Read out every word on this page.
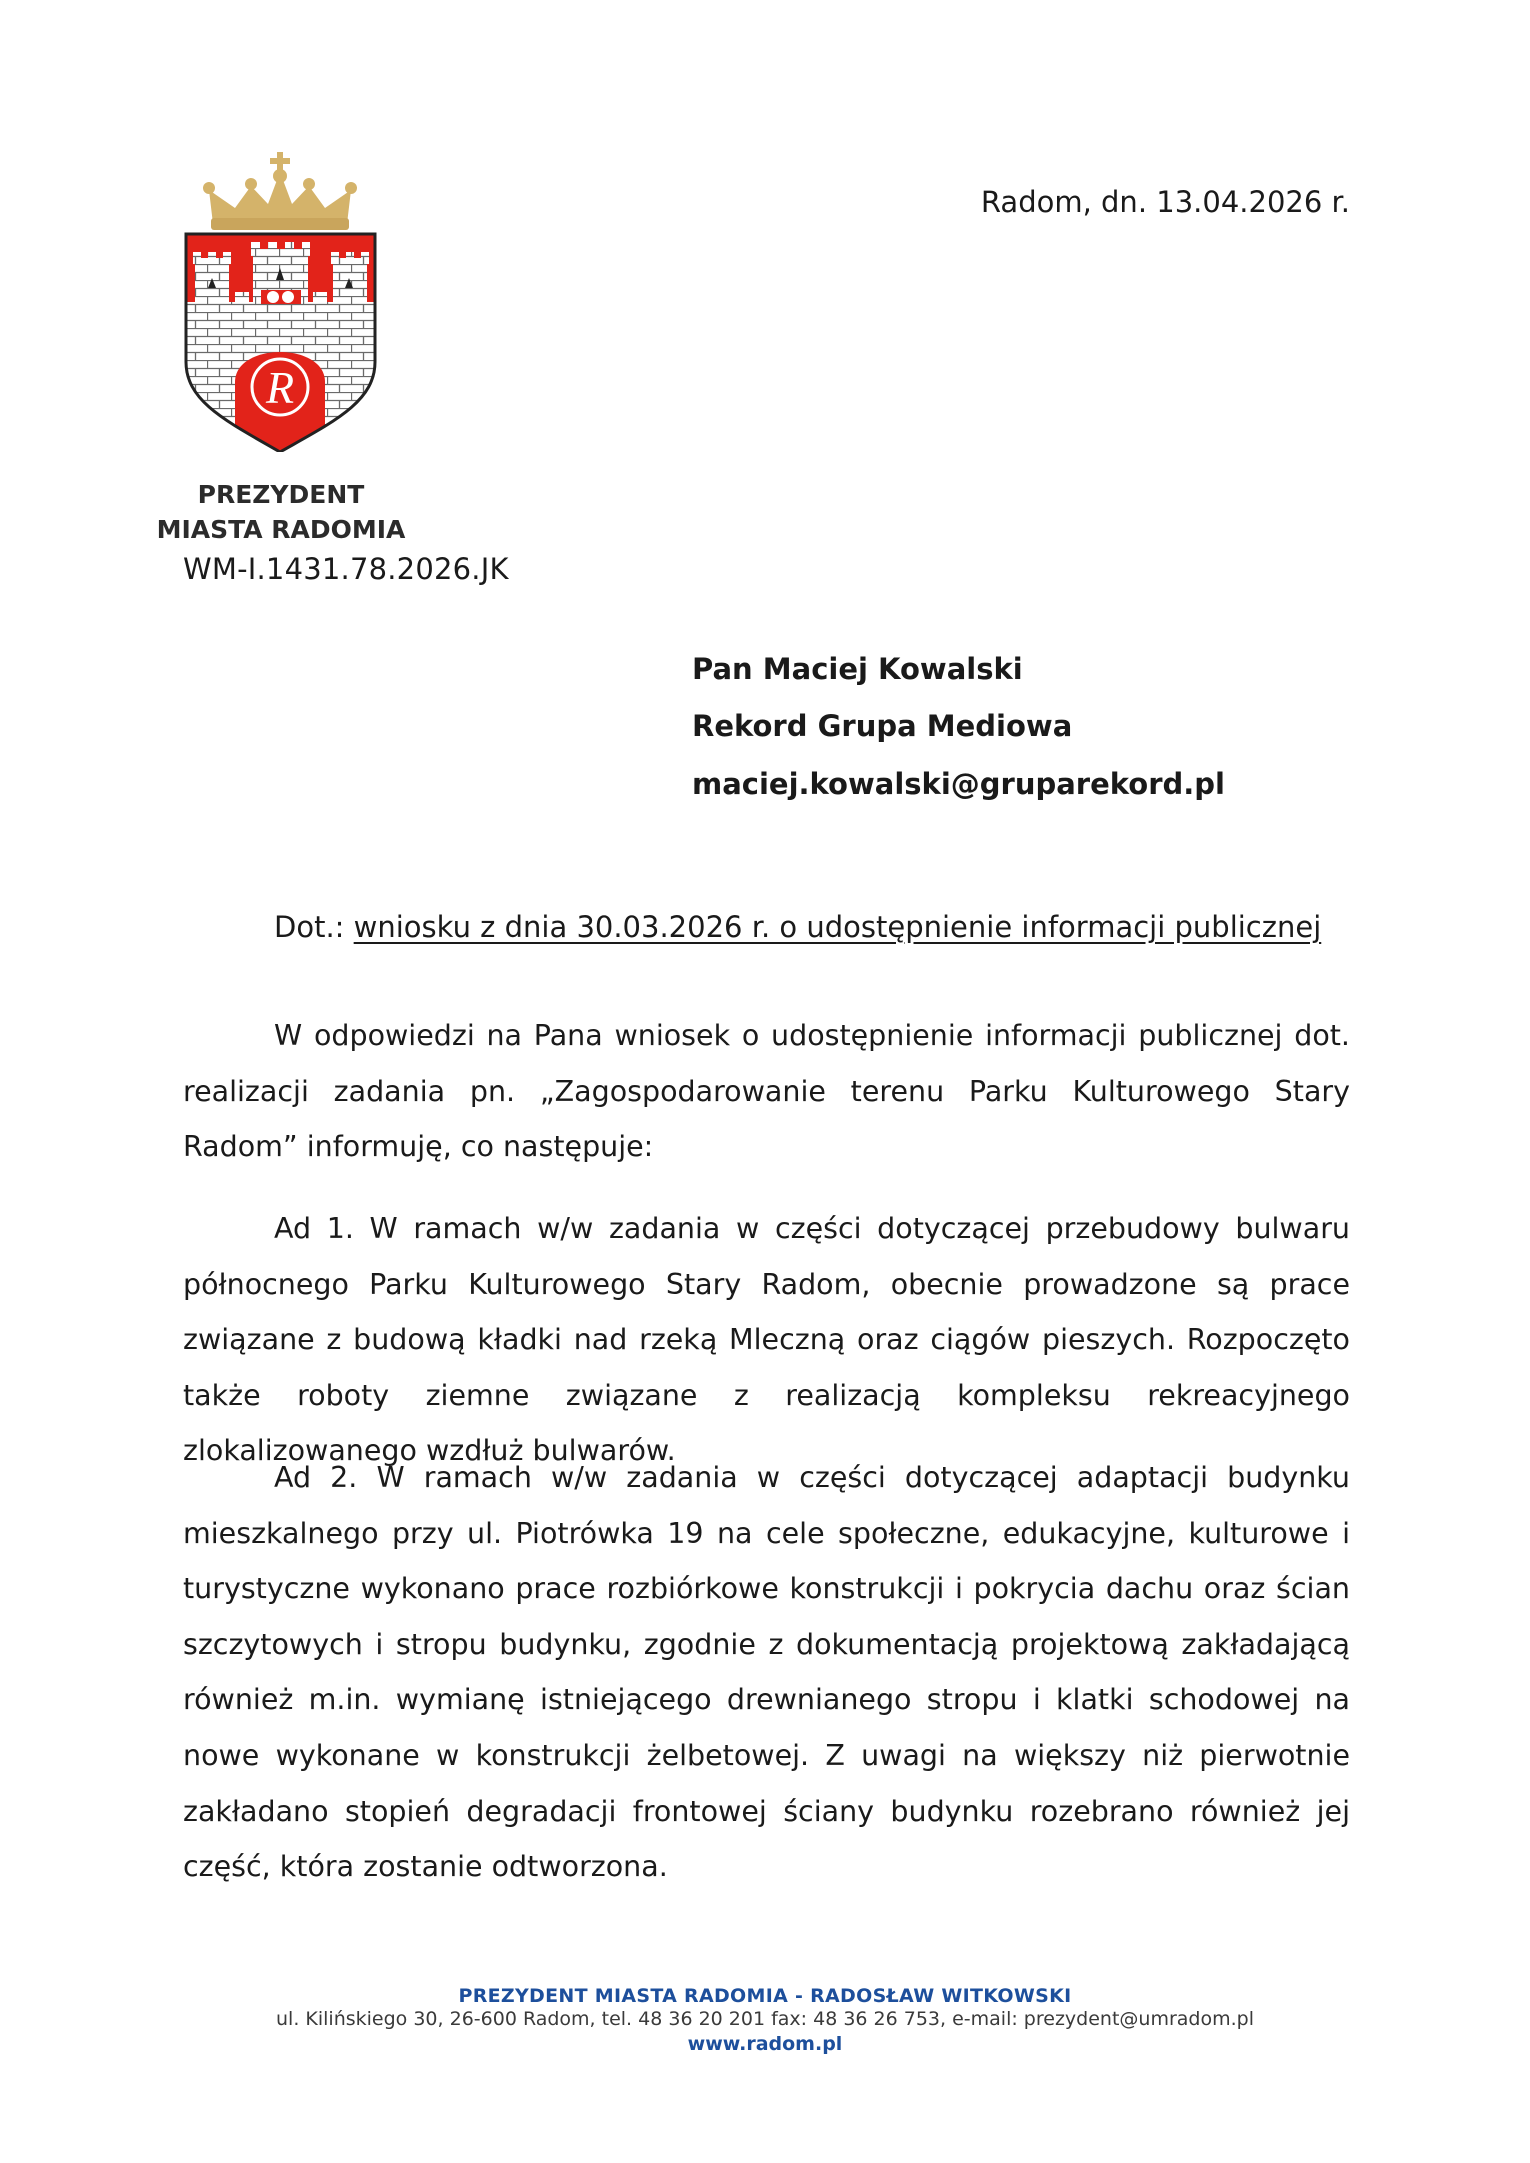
R
PREZYDENT
MIASTA RADOMIA
WM-I.1431.78.2026.JK
Radom, dn. 13.04.2026 r.
Pan Maciej Kowalski
Rekord Grupa Mediowa
maciej.kowalski@gruparekord.pl
Dot.: wniosku z dnia 30.03.2026 r. o udostępnienie informacji publicznej

W odpowiedzi na Pana wniosek o udostępnienie informacji publicznej dot. realizacji zadania pn. „Zagospodarowanie terenu Parku Kulturowego Stary Radom” informuję, co następuje:

Ad 1. W ramach w/w zadania w części dotyczącej przebudowy bulwaru północnego Parku Kulturowego Stary Radom, obecnie prowadzone są prace związane z budową kładki nad rzeką Mleczną oraz ciągów pieszych. Rozpoczęto także roboty ziemne związane z realizacją kompleksu rekreacyjnego zlokalizowanego wzdłuż bulwarów.

Ad 2. W ramach w/w zadania w części dotyczącej adaptacji budynku mieszkalnego przy ul. Piotrówka 19 na cele społeczne, edukacyjne, kulturowe i turystyczne wykonano prace rozbiórkowe konstrukcji i pokrycia dachu oraz ścian szczytowych i stropu budynku, zgodnie z dokumentacją projektową zakładającą również m.in. wymianę istniejącego drewnianego stropu i klatki schodowej na nowe wykonane w konstrukcji żelbetowej. Z uwagi na większy niż pierwotnie zakładano stopień degradacji frontowej ściany budynku rozebrano również jej część, która zostanie odtworzona.

PREZYDENT MIASTA RADOMIA - RADOSŁAW WITKOWSKI
ul. Kilińskiego 30, 26-600 Radom, tel. 48 36 20 201 fax: 48 36 26 753, e-mail: prezydent@umradom.pl
www.radom.pl
